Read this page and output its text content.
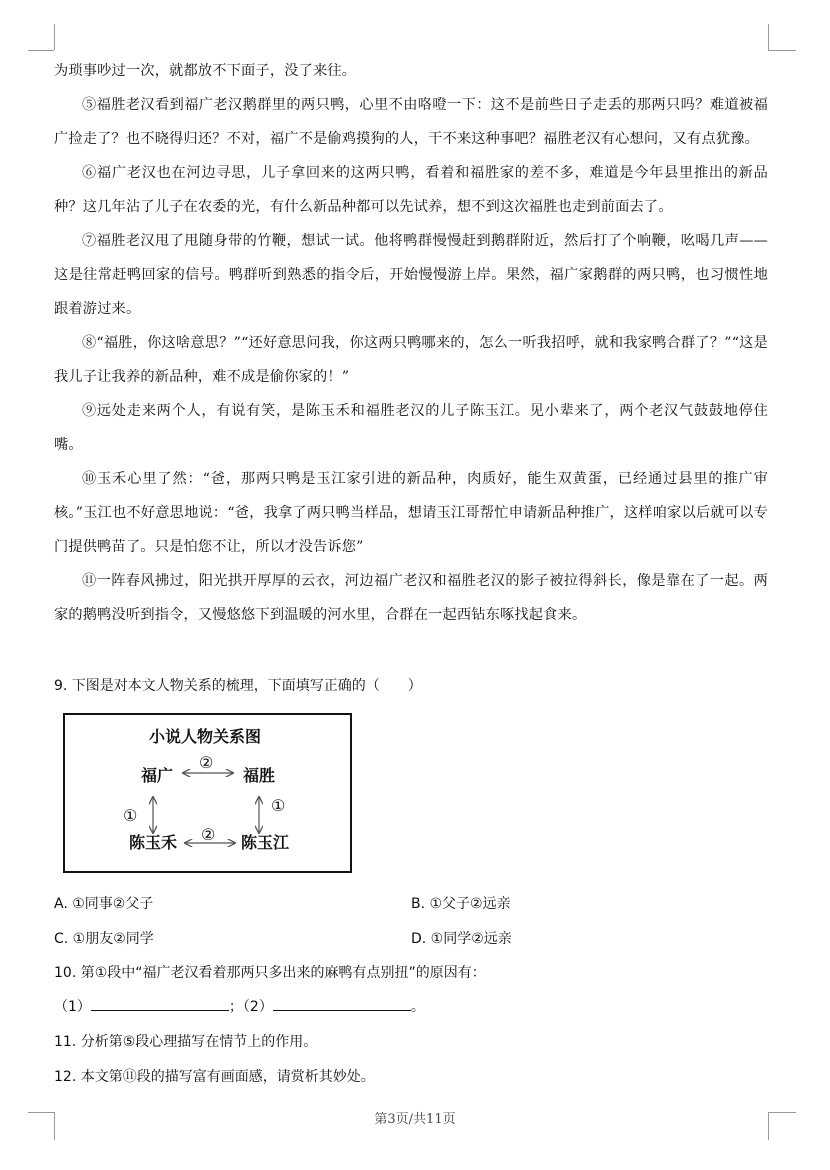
为琐事吵过一次，就都放不下面子，没了来往。

⑤福胜老汉看到福广老汉鹅群里的两只鸭，心里不由咯噔一下：这不是前些日子走丢的那两只吗？难道被福广捡走了？也不晓得归还？不对，福广不是偷鸡摸狗的人，干不来这种事吧？福胜老汉有心想问，又有点犹豫。

⑥福广老汉也在河边寻思，儿子拿回来的这两只鸭，看着和福胜家的差不多，难道是今年县里推出的新品种？这几年沾了儿子在农委的光，有什么新品种都可以先试养，想不到这次福胜也走到前面去了。

⑦福胜老汉甩了甩随身带的竹鞭，想试一试。他将鸭群慢慢赶到鹅群附近，然后打了个响鞭，吆喝几声——这是往常赶鸭回家的信号。鸭群听到熟悉的指令后，开始慢慢游上岸。果然，福广家鹅群的两只鸭，也习惯性地跟着游过来。

⑧“福胜，你这啥意思？”“还好意思问我，你这两只鸭哪来的，怎么一听我招呼，就和我家鸭合群了？”“这是我儿子让我养的新品种，难不成是偷你家的！”

⑨远处走来两个人，有说有笑，是陈玉禾和福胜老汉的儿子陈玉江。见小辈来了，两个老汉气鼓鼓地停住嘴。

⑩玉禾心里了然：“爸，那两只鸭是玉江家引进的新品种，肉质好，能生双黄蛋，已经通过县里的推广审核。”玉江也不好意思地说：“爸，我拿了两只鸭当样品，想请玉江哥帮忙申请新品种推广，这样咱家以后就可以专门提供鸭苗了。只是怕您不让，所以才没告诉您”

⑪一阵春风拂过，阳光拱开厚厚的云衣，河边福广老汉和福胜老汉的影子被拉得斜长，像是靠在了一起。两家的鹅鸭没听到指令，又慢悠悠下到温暖的河水里，合群在一起西钻东啄找起食来。

9. 下图是对本文人物关系的梳理，下面填写正确的（　　）
小说人物关系图
福广	福胜
陈玉禾	陈玉江
②
①
①
②
A. ①同事②父子	B. ①父子②远亲
C. ①朋友②同学	D. ①同学②远亲
10. 第①段中“福广老汉看着那两只多出来的麻鸭有点别扭”的原因有：
（1）	；（2）	。
11. 分析第⑤段心理描写在情节上的作用。
12. 本文第⑪段的描写富有画面感，请赏析其妙处。
第3页/共11页
